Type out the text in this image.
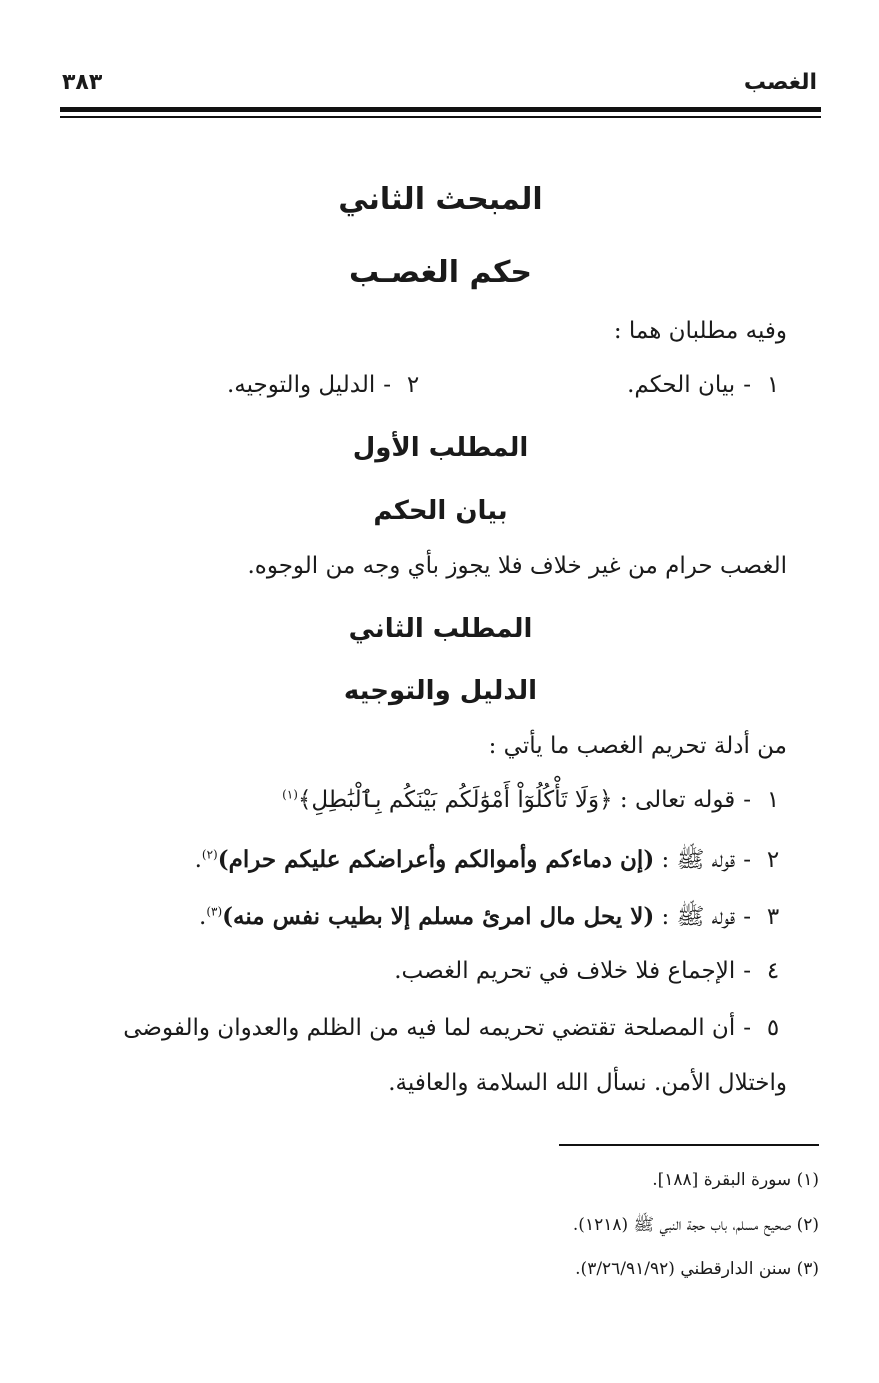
الغصب
٣٨٣
المبحث الثاني
حكم الغصـب
وفيه مطلبان هما :
١-بيان الحكم.
٢-الدليل والتوجيه.
المطلب الأول
بيان الحكم
الغصب حرام من غير خلاف فلا يجوز بأي وجه من الوجوه.
المطلب الثاني
الدليل والتوجيه
من أدلة تحريم الغصب ما يأتي :
١-قوله تعالى : ﴿وَلَا تَأْكُلُوٓاْ أَمْوَٰلَكُم بَيْنَكُم بِٱلْبَٰطِلِ﴾$^{(١)}$
٢-قوله ﷺ : (إن دماءكم وأموالكم وأعراضكم عليكم حرام)$^{(٢)}$.
٣-قوله ﷺ : (لا يحل مال امرئ مسلم إلا بطيب نفس منه)$^{(٣)}$.
٤-الإجماع فلا خلاف في تحريم الغصب.
٥-أن المصلحة تقتضي تحريمه لما فيه من الظلم والعدوان والفوضى
واختلال الأمن. نسأل الله السلامة والعافية.
(١) سورة البقرة [١٨٨].
(٢) صحيح مسلم، باب حجة النبي ﷺ (١٢١٨).
(٣) سنن الدارقطني (٣/٢٦/٩١/٩٢).
